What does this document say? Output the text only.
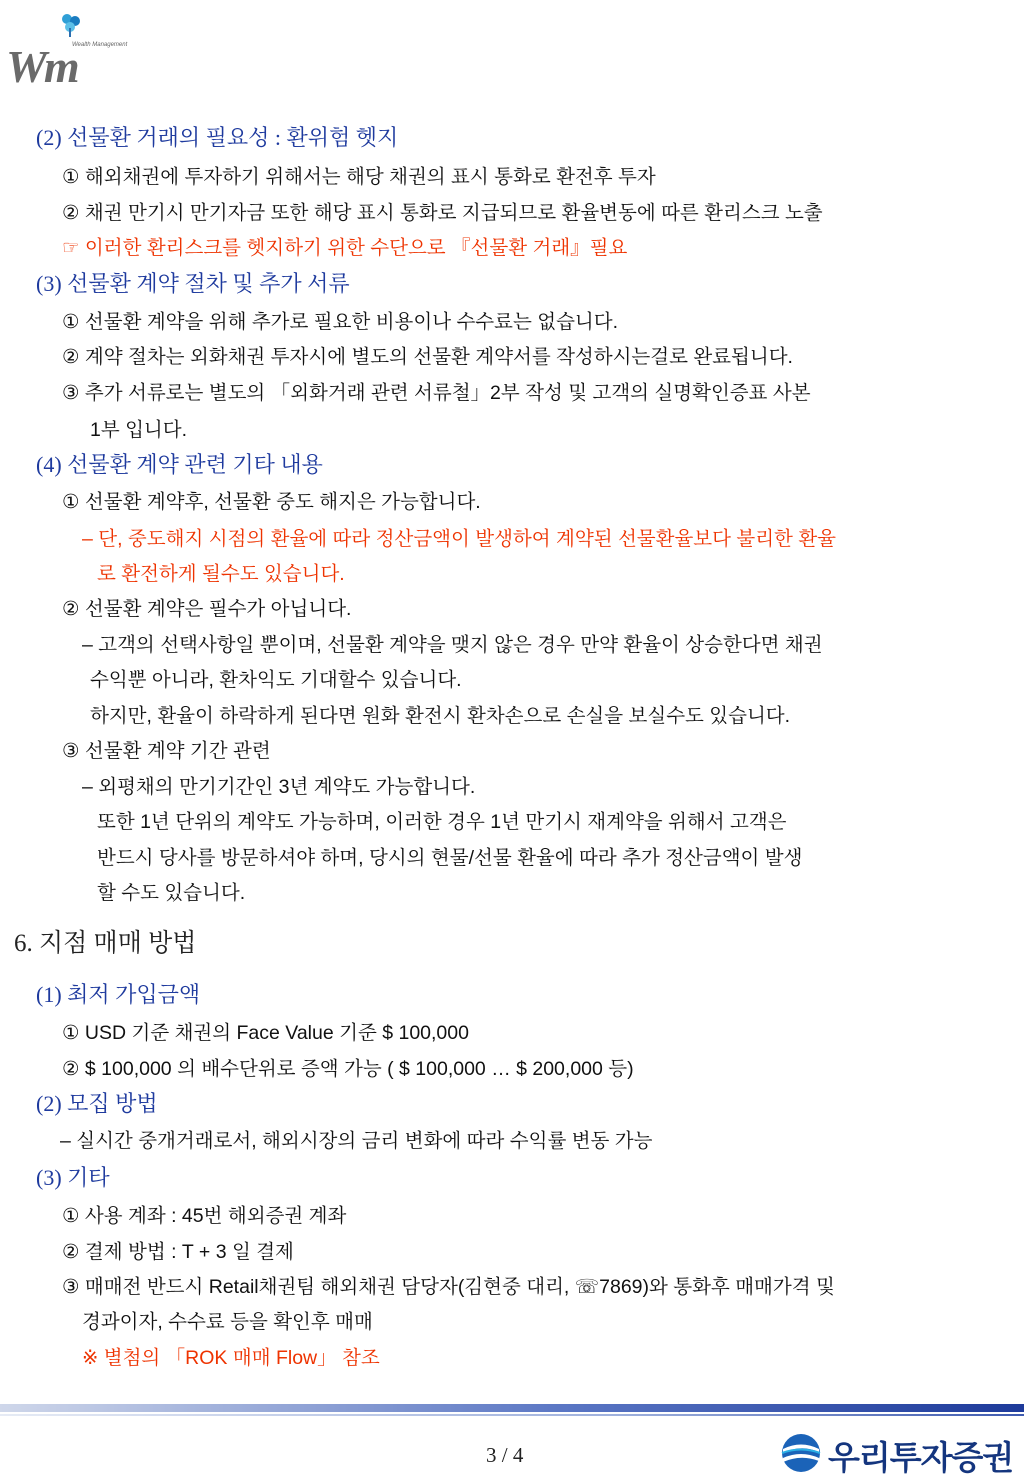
Wm
Wealth Management
(2) 선물환 거래의 필요성 : 환위험 헷지
① 해외채권에 투자하기 위해서는 해당 채권의 표시 통화로 환전후 투자
② 채권 만기시 만기자금 또한 해당 표시 통화로 지급되므로 환율변동에 따른 환리스크 노출
☞ 이러한 환리스크를 헷지하기 위한 수단으로 『선물환 거래』필요
(3) 선물환 계약 절차 및 추가 서류
① 선물환 계약을 위해 추가로 필요한 비용이나 수수료는 없습니다.
② 계약 절차는 외화채권 투자시에 별도의 선물환 계약서를 작성하시는걸로 완료됩니다.
③ 추가 서류로는 별도의 「외화거래 관련 서류철」2부 작성 및 고객의 실명확인증표 사본
1부 입니다.
(4) 선물환 계약 관련 기타 내용
① 선물환 계약후, 선물환 중도 해지은 가능합니다.
– 단, 중도해지 시점의 환율에 따라 정산금액이 발생하여 계약된 선물환율보다 불리한 환율
로 환전하게 될수도 있습니다.
② 선물환 계약은 필수가 아닙니다.
– 고객의 선택사항일 뿐이며, 선물환 계약을 맺지 않은 경우 만약 환율이 상승한다면 채권
수익뿐 아니라, 환차익도 기대할수 있습니다.
하지만, 환율이 하락하게 된다면 원화 환전시 환차손으로 손실을 보실수도 있습니다.
③ 선물환 계약 기간 관련
– 외평채의 만기기간인 3년 계약도 가능합니다.
또한 1년 단위의 계약도 가능하며, 이러한 경우 1년 만기시 재계약을 위해서 고객은
반드시 당사를 방문하셔야 하며, 당시의 현물/선물 환율에 따라 추가 정산금액이 발생
할 수도 있습니다.
6. 지점 매매 방법
(1) 최저 가입금액
① USD 기준 채권의 Face Value 기준 $ 100,000
② $ 100,000 의 배수단위로 증액 가능 ( $ 100,000 … $ 200,000 등)
(2) 모집 방법
– 실시간 중개거래로서, 해외시장의 금리 변화에 따라 수익률 변동 가능
(3) 기타
① 사용 계좌 : 45번 해외증권 계좌
② 결제 방법 : T + 3 일 결제
③ 매매전 반드시 Retail채권팀 해외채권 담당자(김현중 대리, ☏7869)와 통화후 매매가격 및
경과이자, 수수료 등을 확인후 매매
※ 별첨의 「ROK 매매 Flow」 참조
3 / 4	우리투자증권
